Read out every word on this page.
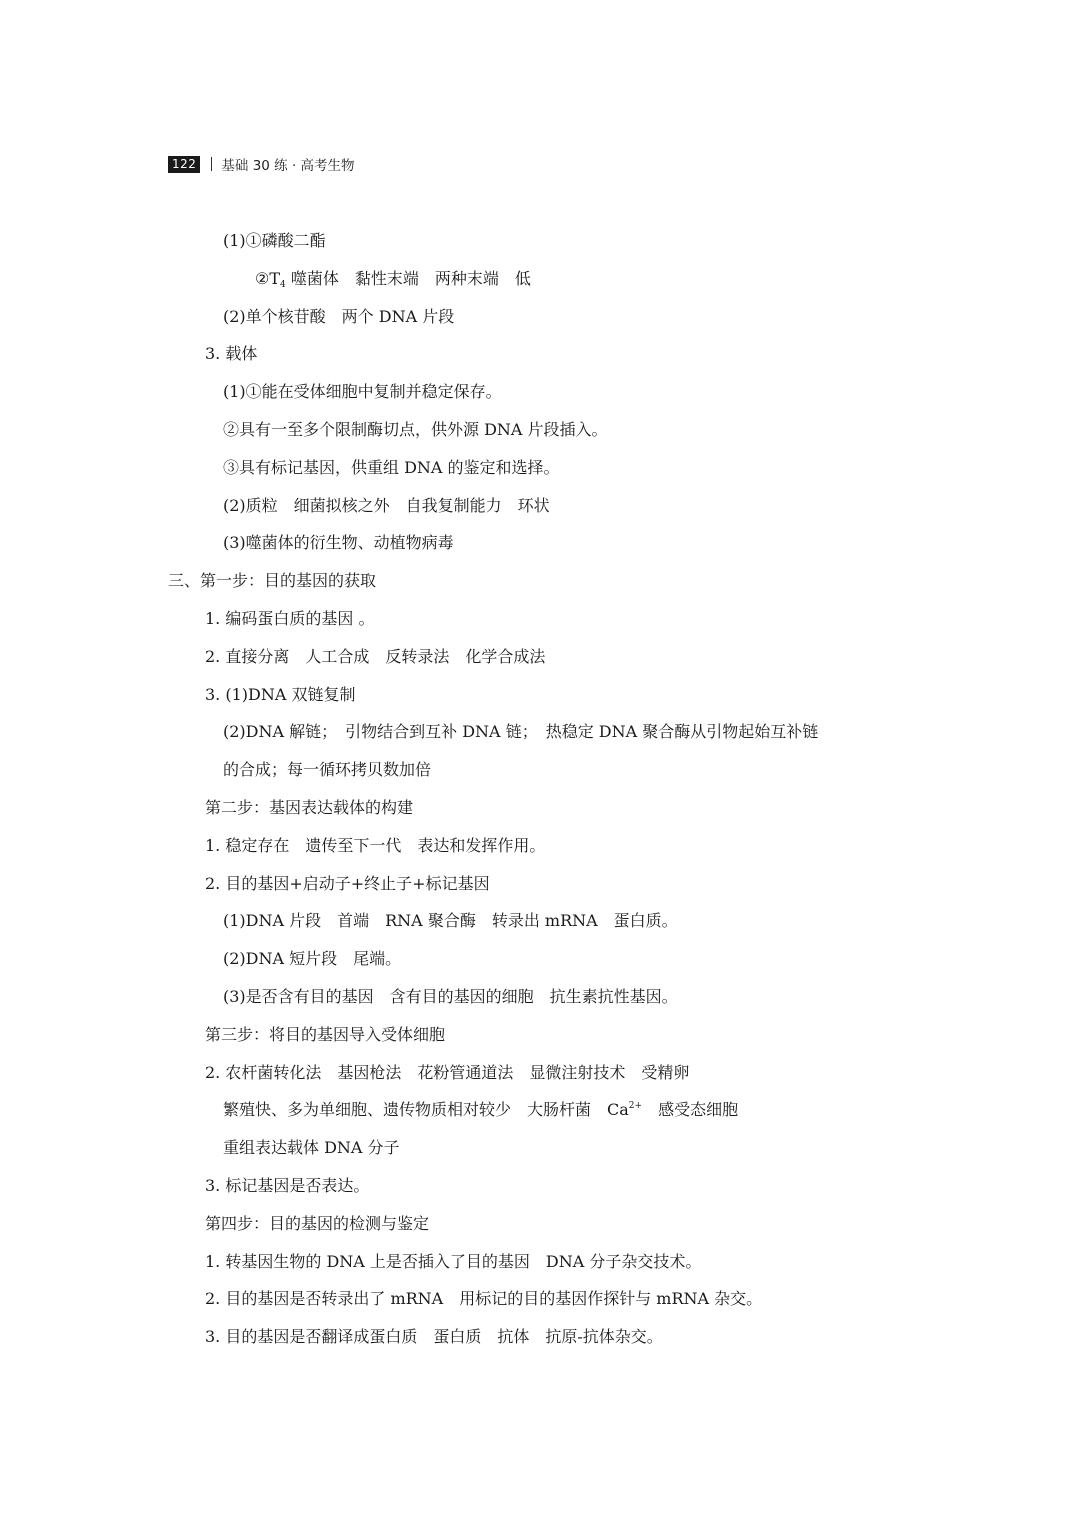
122 基础 30 练 · 高考生物
(1)①磷酸二酯
$②T_4$ 噬菌体　黏性末端　两种末端　低
(2)单个核苷酸　两个 DNA 片段
3. 载体
(1)①能在受体细胞中复制并稳定保存。
②具有一至多个限制酶切点，供外源 DNA 片段插入。
③具有标记基因，供重组 DNA 的鉴定和选择。
(2)质粒　细菌拟核之外　自我复制能力　环状
(3)噬菌体的衍生物、动植物病毒
三、第一步：目的基因的获取
1. 编码蛋白质的基因 。
2. 直接分离　人工合成　反转录法　化学合成法
3. (1)DNA 双链复制
(2)DNA 解链；　引物结合到互补 DNA 链；　热稳定 DNA 聚合酶从引物起始互补链
的合成；每一循环拷贝数加倍
第二步：基因表达载体的构建
1. 稳定存在　遗传至下一代　表达和发挥作用。
2. 目的基因+启动子+终止子+标记基因
(1)DNA 片段　首端　RNA 聚合酶　转录出 mRNA　蛋白质。
(2)DNA 短片段　尾端。
(3)是否含有目的基因　含有目的基因的细胞　抗生素抗性基因。
第三步：将目的基因导入受体细胞
2. 农杆菌转化法　基因枪法　花粉管通道法　显微注射技术　受精卵
繁殖快、多为单细胞、遗传物质相对较少　大肠杆菌　$Ca^{2+}$　感受态细胞
重组表达载体 DNA 分子
3. 标记基因是否表达。
第四步：目的基因的检测与鉴定
1. 转基因生物的 DNA 上是否插入了目的基因　DNA 分子杂交技术。
2. 目的基因是否转录出了 mRNA　用标记的目的基因作探针与 mRNA 杂交。
3. 目的基因是否翻译成蛋白质　蛋白质　抗体　抗原-抗体杂交。
